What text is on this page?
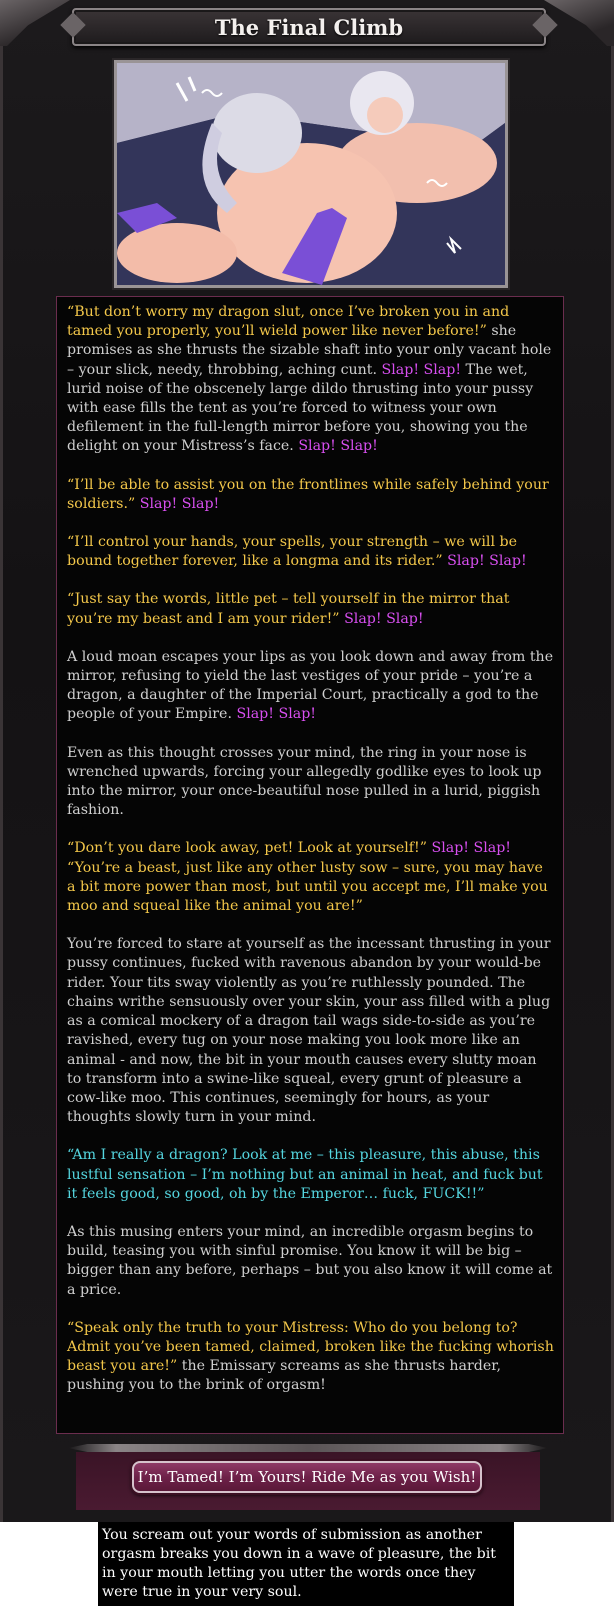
The Final Climb

“But don’t worry my dragon slut, once I’ve broken you in and tamed you properly, you’ll wield power like never before!” she promises as she thrusts the sizable shaft into your only vacant hole – your slick, needy, throbbing, aching cunt. Slap! Slap! The wet, lurid noise of the obscenely large dildo thrusting into your pussy with ease fills the tent as you’re forced to witness your own defilement in the full-length mirror before you, showing you the delight on your Mistress’s face. Slap! Slap!

“I’ll be able to assist you on the frontlines while safely behind your soldiers.” Slap! Slap!

“I’ll control your hands, your spells, your strength – we will be bound together forever, like a longma and its rider.” Slap! Slap!

“Just say the words, little pet – tell yourself in the mirror that you’re my beast and I am your rider!” Slap! Slap!

A loud moan escapes your lips as you look down and away from the mirror, refusing to yield the last vestiges of your pride – you’re a dragon, a daughter of the Imperial Court, practically a god to the people of your Empire. Slap! Slap!

Even as this thought crosses your mind, the ring in your nose is wrenched upwards, forcing your allegedly godlike eyes to look up into the mirror, your once-beautiful nose pulled in a lurid, piggish fashion.

“Don’t you dare look away, pet! Look at yourself!” Slap! Slap! “You’re a beast, just like any other lusty sow – sure, you may have a bit more power than most, but until you accept me, I’ll make you moo and squeal like the animal you are!”

You’re forced to stare at yourself as the incessant thrusting in your pussy continues, fucked with ravenous abandon by your would-be rider. Your tits sway violently as you’re ruthlessly pounded. The chains writhe sensuously over your skin, your ass filled with a plug as a comical mockery of a dragon tail wags side-to-side as you’re ravished, every tug on your nose making you look more like an animal - and now, the bit in your mouth causes every slutty moan to transform into a swine-like squeal, every grunt of pleasure a cow-like moo. This continues, seemingly for hours, as your thoughts slowly turn in your mind.

“Am I really a dragon? Look at me – this pleasure, this abuse, this lustful sensation – I’m nothing but an animal in heat, and fuck but it feels good, so good, oh by the Emperor… fuck, FUCK!!”

As this musing enters your mind, an incredible orgasm begins to build, teasing you with sinful promise. You know it will be big – bigger than any before, perhaps – but you also know it will come at a price.

“Speak only the truth to your Mistress: Who do you belong to? Admit you’ve been tamed, claimed, broken like the fucking whorish beast you are!” the Emissary screams as she thrusts harder, pushing you to the brink of orgasm!

I’m Tamed! I’m Yours! Ride Me as you Wish!
You scream out your words of submission as another orgasm breaks you down in a wave of pleasure, the bit in your mouth letting you utter the words once they were true in your very soul.
